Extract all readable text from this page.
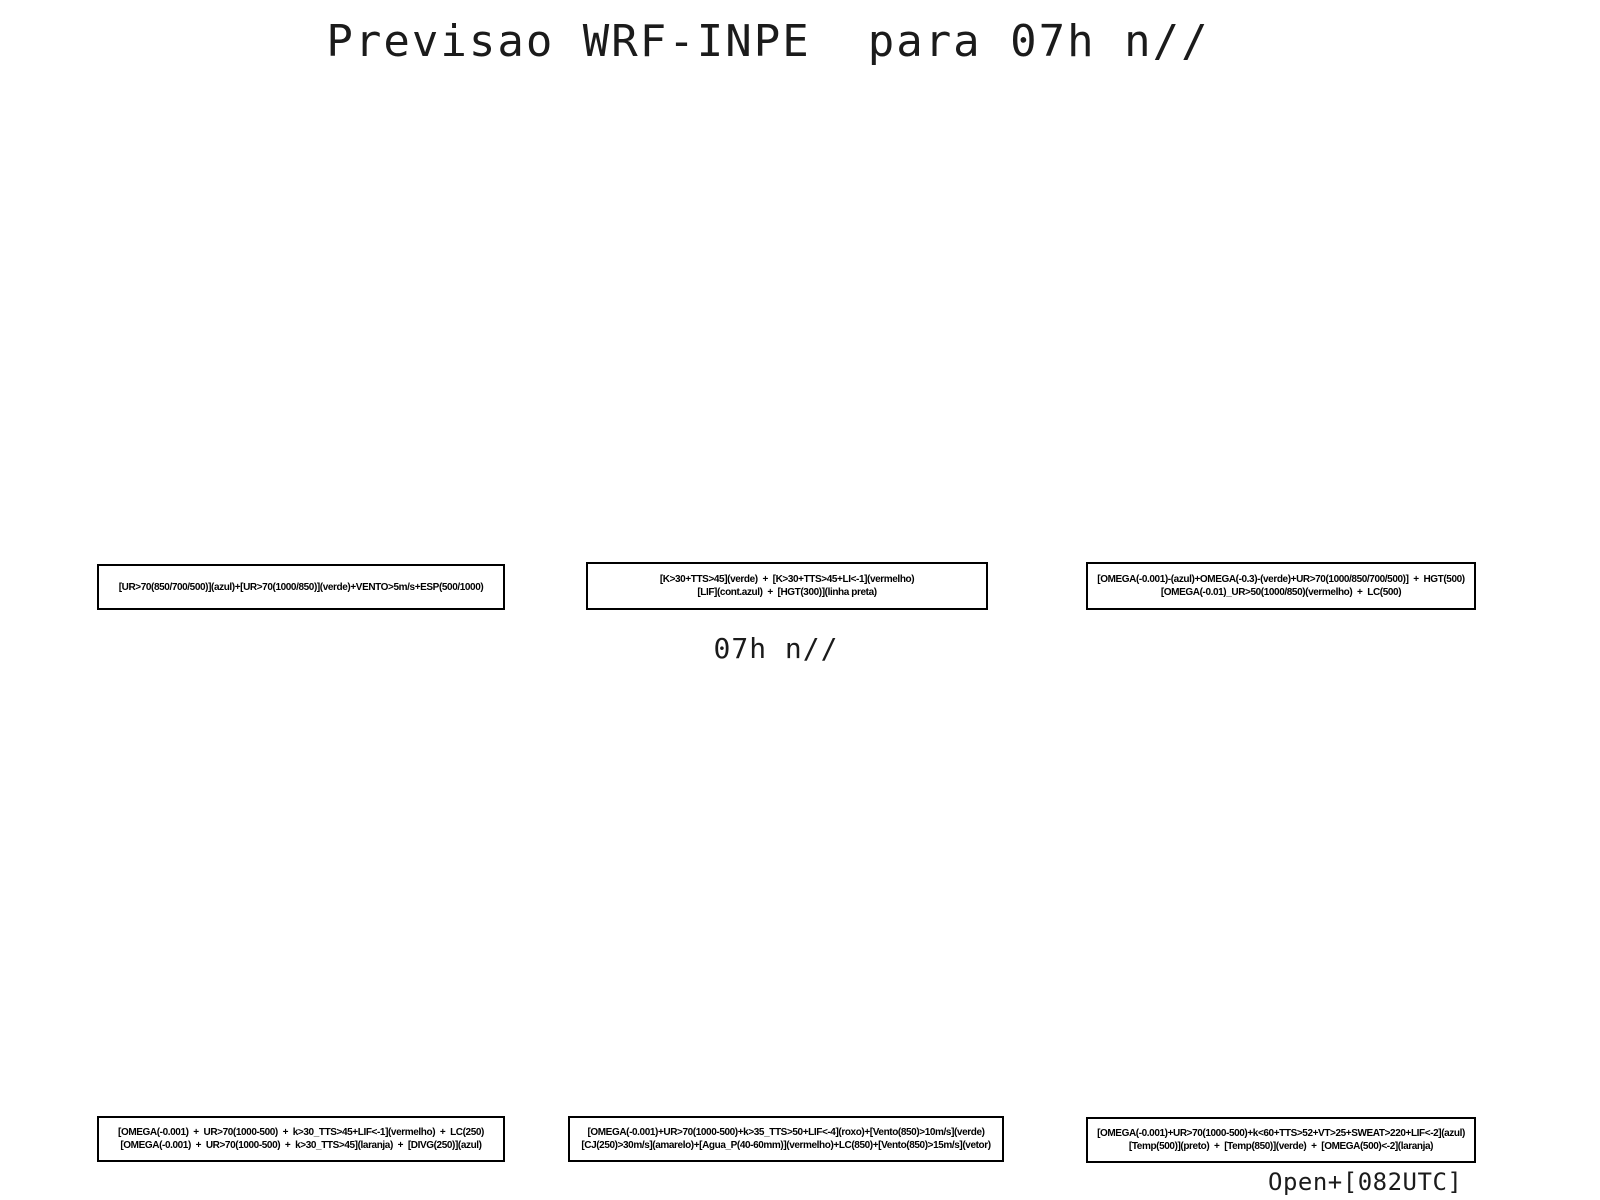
Previsao WRF-INPE  para 07h n//
[UR>70(850/700/500)](azul)+[UR>70(1000/850)](verde)+VENTO>5m/s+ESP(500/1000)
[K>30+TTS>45](verde)  +  [K>30+TTS>45+LI<-1](vermelho)
[LIF](cont.azul)  +  [HGT(300)](linha preta)
[OMEGA(-0.001)-(azul)+OMEGA(-0.3)-(verde)+UR>70(1000/850/700/500)]  +  HGT(500)
[OMEGA(-0.01)_UR>50(1000/850)(vermelho)  +  LC(500)
07h n//
[OMEGA(-0.001)  +  UR>70(1000-500)  +  k>30_TTS>45+LIF<-1](vermelho)  +  LC(250)
[OMEGA(-0.001)  +  UR>70(1000-500)  +  k>30_TTS>45](laranja)  +  [DIVG(250)](azul)
[OMEGA(-0.001)+UR>70(1000-500)+k>35_TTS>50+LIF<-4](roxo)+[Vento(850)>10m/s](verde)
[CJ(250)>30m/s](amarelo)+[Agua_P(40-60mm)](vermelho)+LC(850)+[Vento(850)>15m/s](vetor)
[OMEGA(-0.001)+UR>70(1000-500)+k<60+TTS>52+VT>25+SWEAT>220+LIF<-2](azul)
[Temp(500)](preto)  +  [Temp(850)](verde)  +  [OMEGA(500)<-2](laranja)
Open+[082UTC]
